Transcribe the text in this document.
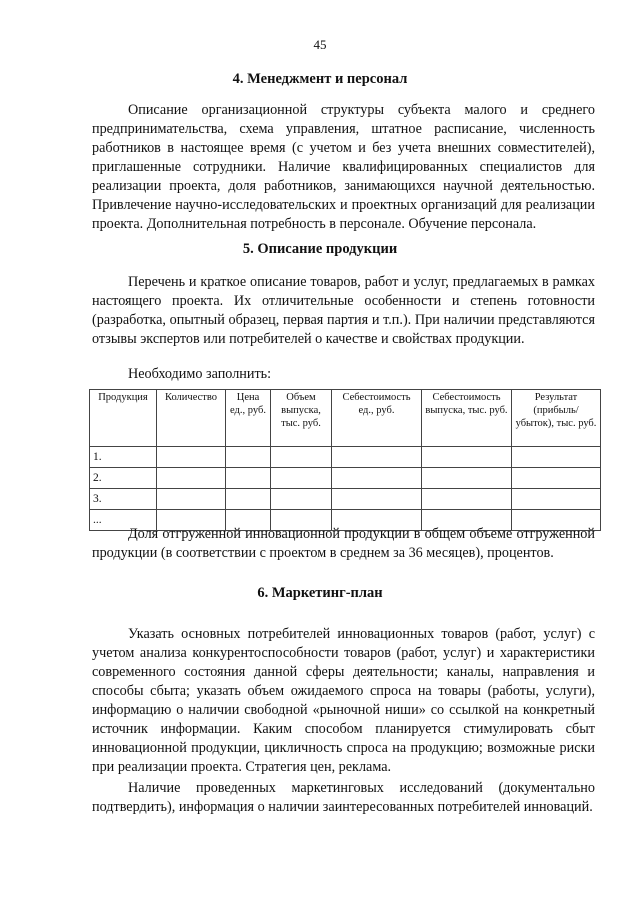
45
4. Менеджмент и персонал

Описание организационной структуры субъекта малого и среднего предпринимательства, схема управления, штатное расписание, численность работников в настоящее время (с учетом и без учета внешних совместителей), приглашенные сотрудники. Наличие квалифицированных специалистов для реализации проекта, доля работников, занимающихся научной деятельностью. Привлечение научно-исследовательских и проектных организаций для реализации проекта. Дополнительная потребность в персонале. Обучение персонала.

5. Описание продукции

Перечень и краткое описание товаров, работ и услуг, предлагаемых в рамках настоящего проекта. Их отличительные особенности и степень готовности (разработка, опытный образец, первая партия и т.п.). При наличии представляются отзывы экспертов или потребителей о качестве и свойствах продукции.

Необходимо заполнить:

Продукция	Количество	Цена ед., руб.	Объем выпуска, тыс. руб.	Себестоимость ед., руб.	Себестоимость выпуска, тыс. руб.	Результат (прибыль/ убыток), тыс. руб.
1.						
2.						
3.						
...						

Доля отгруженной инновационной продукции в общем объеме отгруженной продукции (в соответствии с проектом в среднем за 36 месяцев), процентов.

6. Маркетинг-план

Указать основных потребителей инновационных товаров (работ, услуг) с учетом анализа конкурентоспособности товаров (работ, услуг) и характеристики современного состояния данной сферы деятельности; каналы, направления и способы сбыта; указать объем ожидаемого спроса на товары (работы, услуги), информацию о наличии свободной «рыночной ниши» со ссылкой на конкретный источник информации. Каким способом планируется стимулировать сбыт инновационной продукции, цикличность спроса на продукцию; возможные риски при реализации проекта. Стратегия цен, реклама.

Наличие проведенных маркетинговых исследований (документально подтвердить), информация о наличии заинтересованных потребителей инноваций.
